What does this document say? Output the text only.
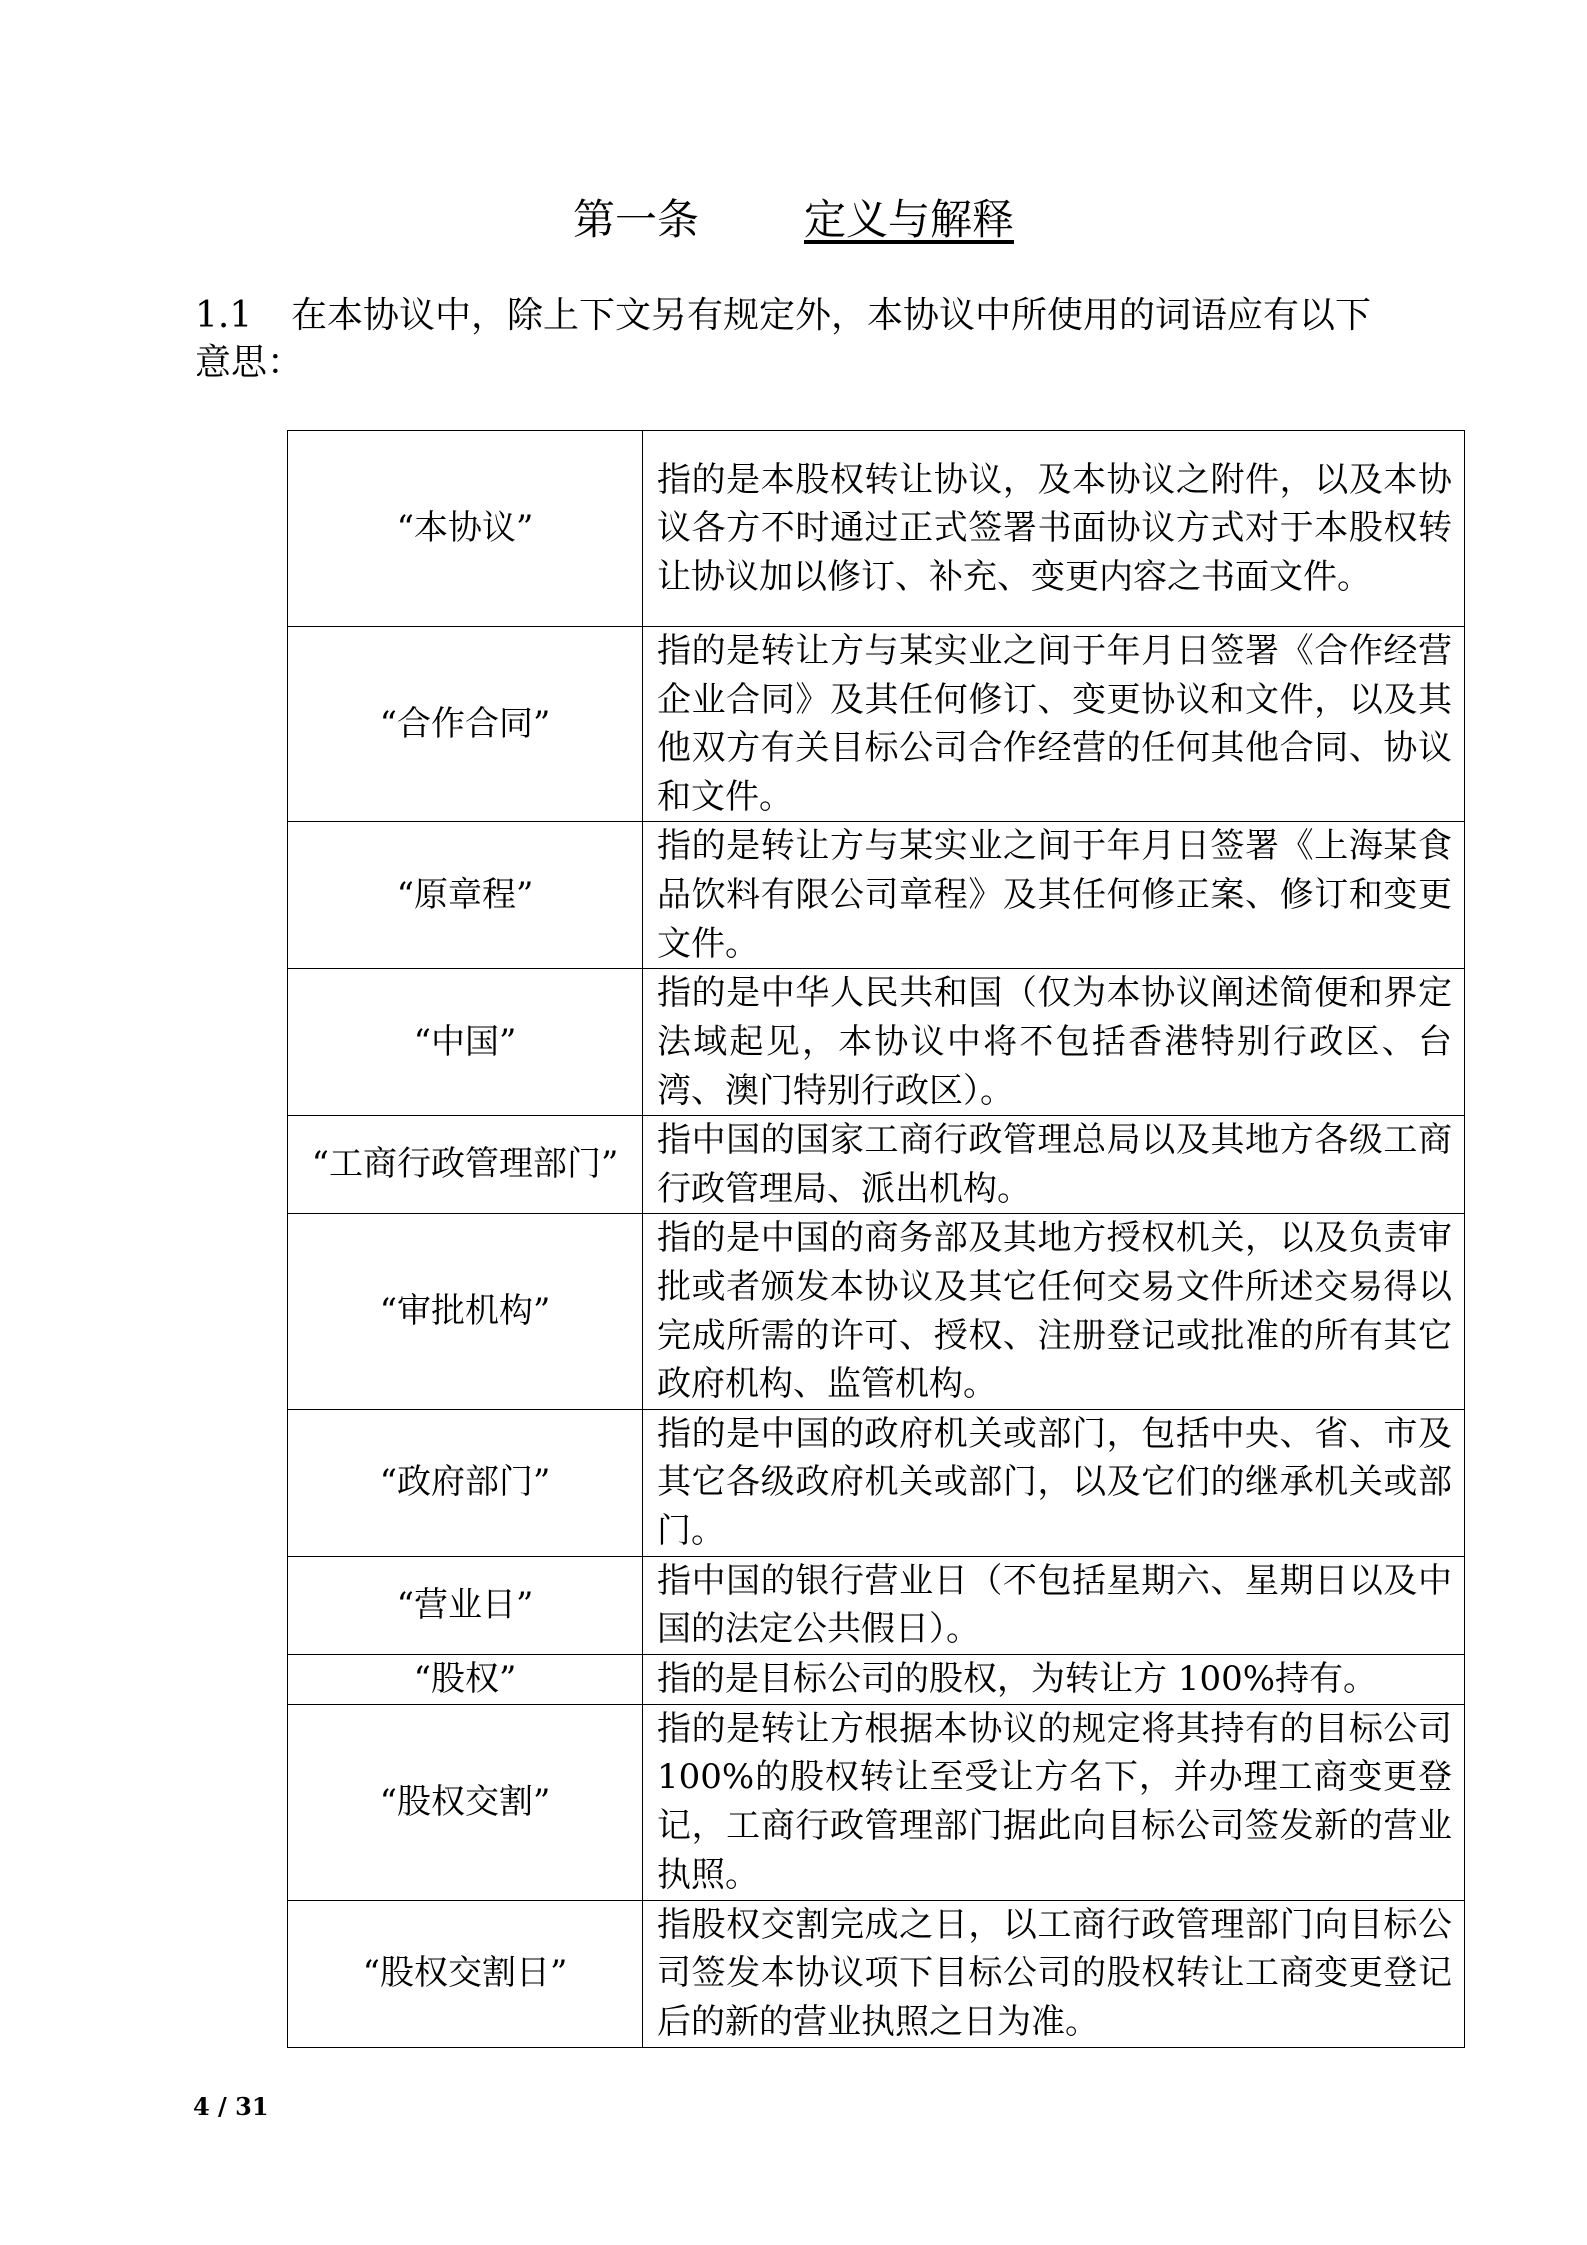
第一条	定义与解释
1.1 在本协议中，除上下文另有规定外，本协议中所使用的词语应有以下意思：
“本协议”	指的是本股权转让协议，及本协议之附件，以及本协议各方不时通过正式签署书面协议方式对于本股权转让协议加以修订、补充、变更内容之书面文件。
“合作合同”	指的是转让方与某实业之间于年月日签署《合作经营企业合同》及其任何修订、变更协议和文件，以及其他双方有关目标公司合作经营的任何其他合同、协议和文件。
“原章程”	指的是转让方与某实业之间于年月日签署《上海某食品饮料有限公司章程》及其任何修正案、修订和变更文件。
“中国”	指的是中华人民共和国（仅为本协议阐述简便和界定法域起见，本协议中将不包括香港特别行政区、台湾、澳门特别行政区）。
“工商行政管理部门”	指中国的国家工商行政管理总局以及其地方各级工商行政管理局、派出机构。
“审批机构”	指的是中国的商务部及其地方授权机关，以及负责审批或者颁发本协议及其它任何交易文件所述交易得以完成所需的许可、授权、注册登记或批准的所有其它政府机构、监管机构。
“政府部门”	指的是中国的政府机关或部门，包括中央、省、市及其它各级政府机关或部门，以及它们的继承机关或部门。
“营业日”	指中国的银行营业日（不包括星期六、星期日以及中国的法定公共假日）。
“股权”	指的是目标公司的股权，为转让方 100%持有。
“股权交割”	指的是转让方根据本协议的规定将其持有的目标公司 100%的股权转让至受让方名下，并办理工商变更登记，工商行政管理部门据此向目标公司签发新的营业执照。
“股权交割日”	指股权交割完成之日，以工商行政管理部门向目标公司签发本协议项下目标公司的股权转让工商变更登记后的新的营业执照之日为准。
4 / 31
